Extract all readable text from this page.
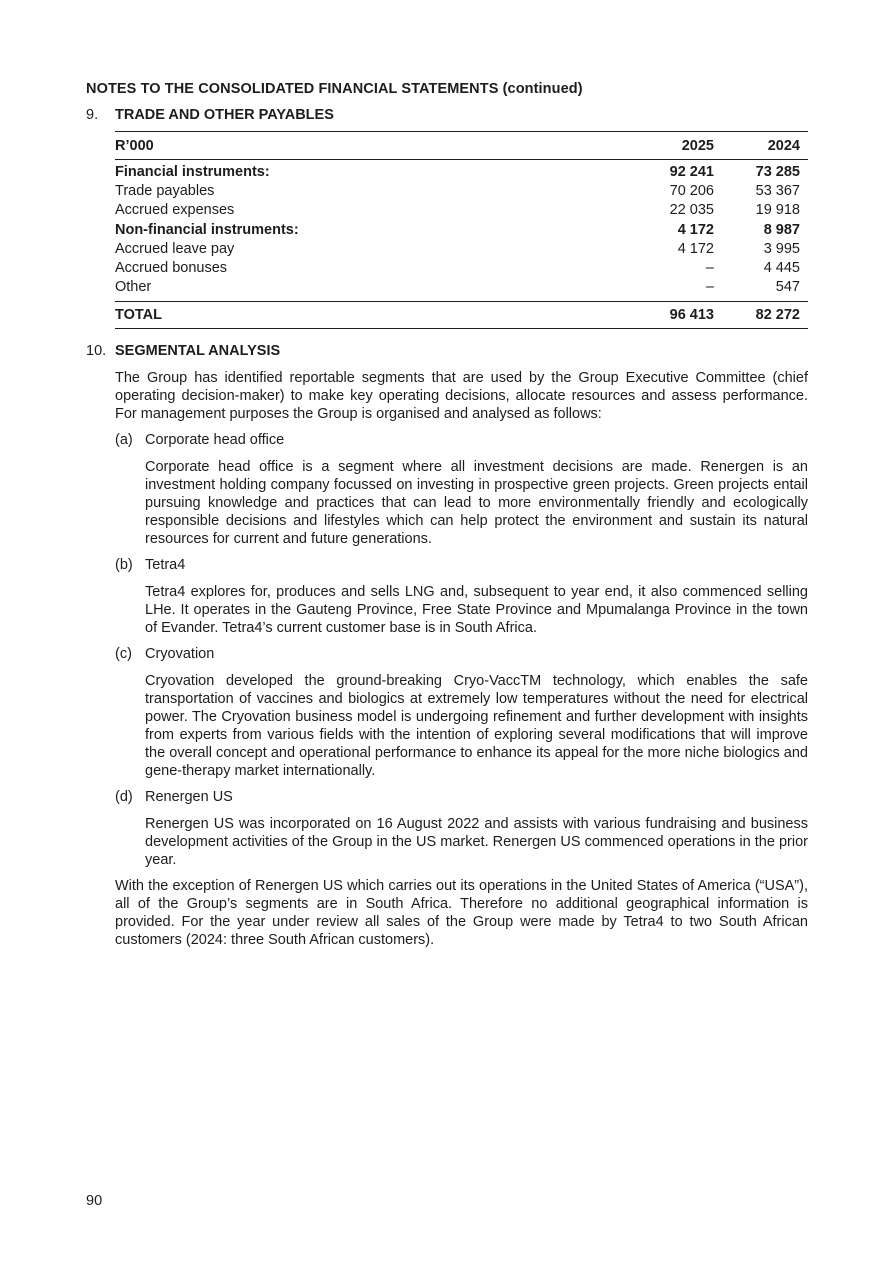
NOTES TO THE CONSOLIDATED FINANCIAL STATEMENTS (continued)
9. TRADE AND OTHER PAYABLES
R’000	2025	2024
Financial instruments:	92 241	73 285
Trade payables	70 206	53 367
Accrued expenses	22 035	19 918
Non-financial instruments:	4 172	8 987
Accrued leave pay	4 172	3 995
Accrued bonuses	–	4 445
Other	–	547
TOTAL	96 413	82 272
10. SEGMENTAL ANALYSIS

The Group has identified reportable segments that are used by the Group Executive Committee (chief operating decision-maker) to make key operating decisions, allocate resources and assess performance. For management purposes the Group is organised and analysed as follows:

(a) Corporate head office

Corporate head office is a segment where all investment decisions are made. Renergen is an investment holding company focussed on investing in prospective green projects. Green projects entail pursuing knowledge and practices that can lead to more environmentally friendly and ecologically responsible decisions and lifestyles which can help protect the environment and sustain its natural resources for current and future generations.

(b) Tetra4

Tetra4 explores for, produces and sells LNG and, subsequent to year end, it also commenced selling LHe. It operates in the Gauteng Province, Free State Province and Mpumalanga Province in the town of Evander. Tetra4’s current customer base is in South Africa.

(c) Cryovation

Cryovation developed the ground-breaking Cryo-VaccTM technology, which enables the safe transportation of vaccines and biologics at extremely low temperatures without the need for electrical power. The Cryovation business model is undergoing refinement and further development with insights from experts from various fields with the intention of exploring several modifications that will improve the overall concept and operational performance to enhance its appeal for the more niche biologics and gene-therapy market internationally.

(d) Renergen US

Renergen US was incorporated on 16 August 2022 and assists with various fundraising and business development activities of the Group in the US market. Renergen US commenced operations in the prior year.

With the exception of Renergen US which carries out its operations in the United States of America (“USA”), all of the Group’s segments are in South Africa. Therefore no additional geographical information is provided. For the year under review all sales of the Group were made by Tetra4 to two South African customers (2024: three South African customers).

90
